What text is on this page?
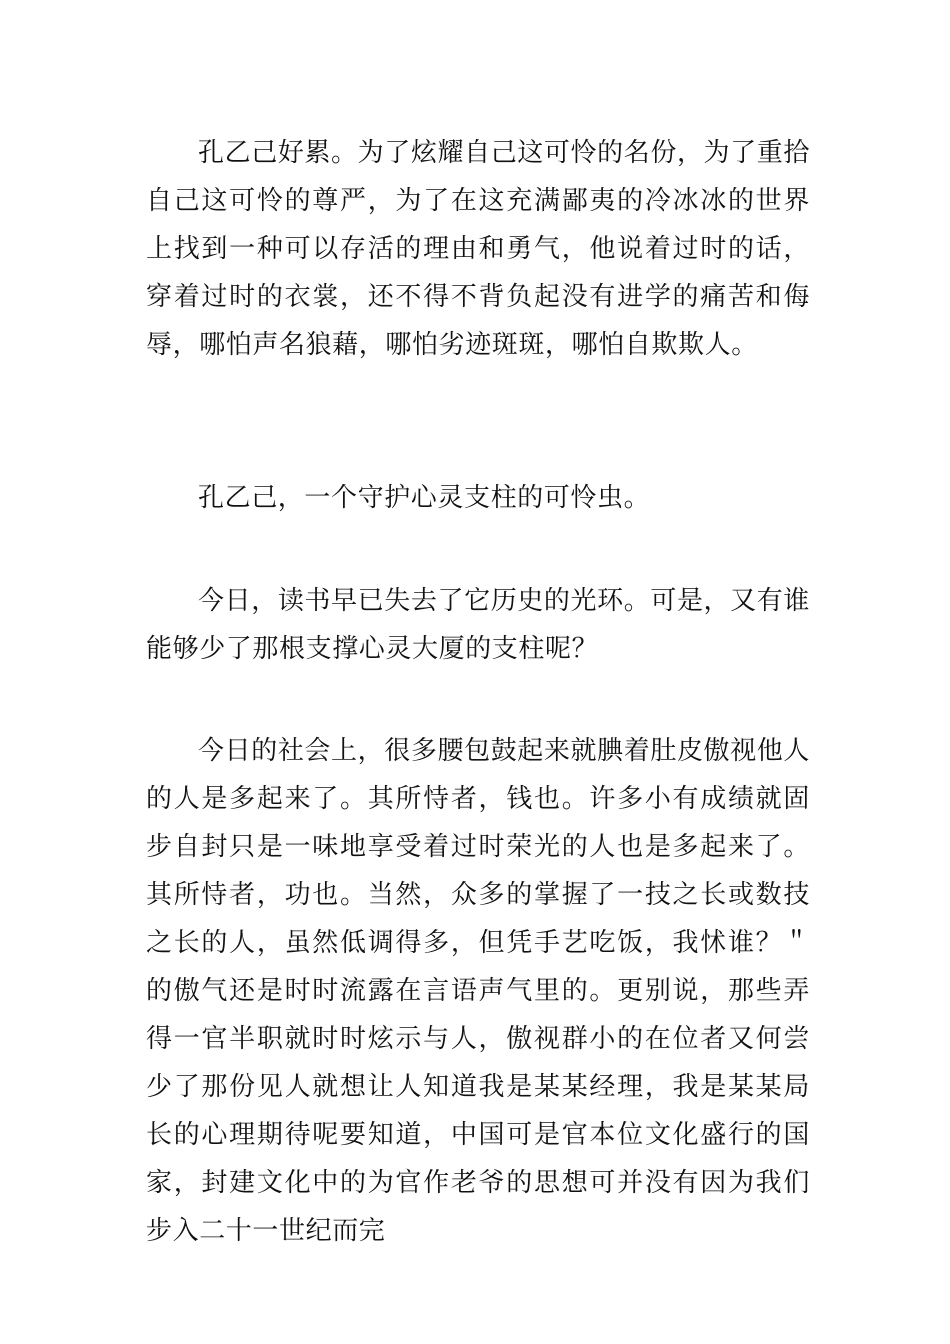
孔乙己好累。为了炫耀自己这可怜的名份，为了重拾自己这可怜的尊严，为了在这充满鄙夷的冷冰冰的世界上找到一种可以存活的理由和勇气，他说着过时的话，穿着过时的衣裳，还不得不背负起没有进学的痛苦和侮辱，哪怕声名狼藉，哪怕劣迹斑斑，哪怕自欺欺人。

孔乙己，一个守护心灵支柱的可怜虫。

今日，读书早已失去了它历史的光环。可是，又有谁能够少了那根支撑心灵大厦的支柱呢？

今日的社会上，很多腰包鼓起来就腆着肚皮傲视他人的人是多起来了。其所恃者，钱也。许多小有成绩就固步自封只是一味地享受着过时荣光的人也是多起来了。其所恃者，功也。当然，众多的掌握了一技之长或数技之长的人，虽然低调得多，但凭手艺吃饭，我怵谁？＂的傲气还是时时流露在言语声气里的。更别说，那些弄得一官半职就时时炫示与人，傲视群小的在位者又何尝少了那份见人就想让人知道我是某某经理，我是某某局长的心理期待呢要知道，中国可是官本位文化盛行的国家，封建文化中的为官作老爷的思想可并没有因为我们步入二十一世纪而完
